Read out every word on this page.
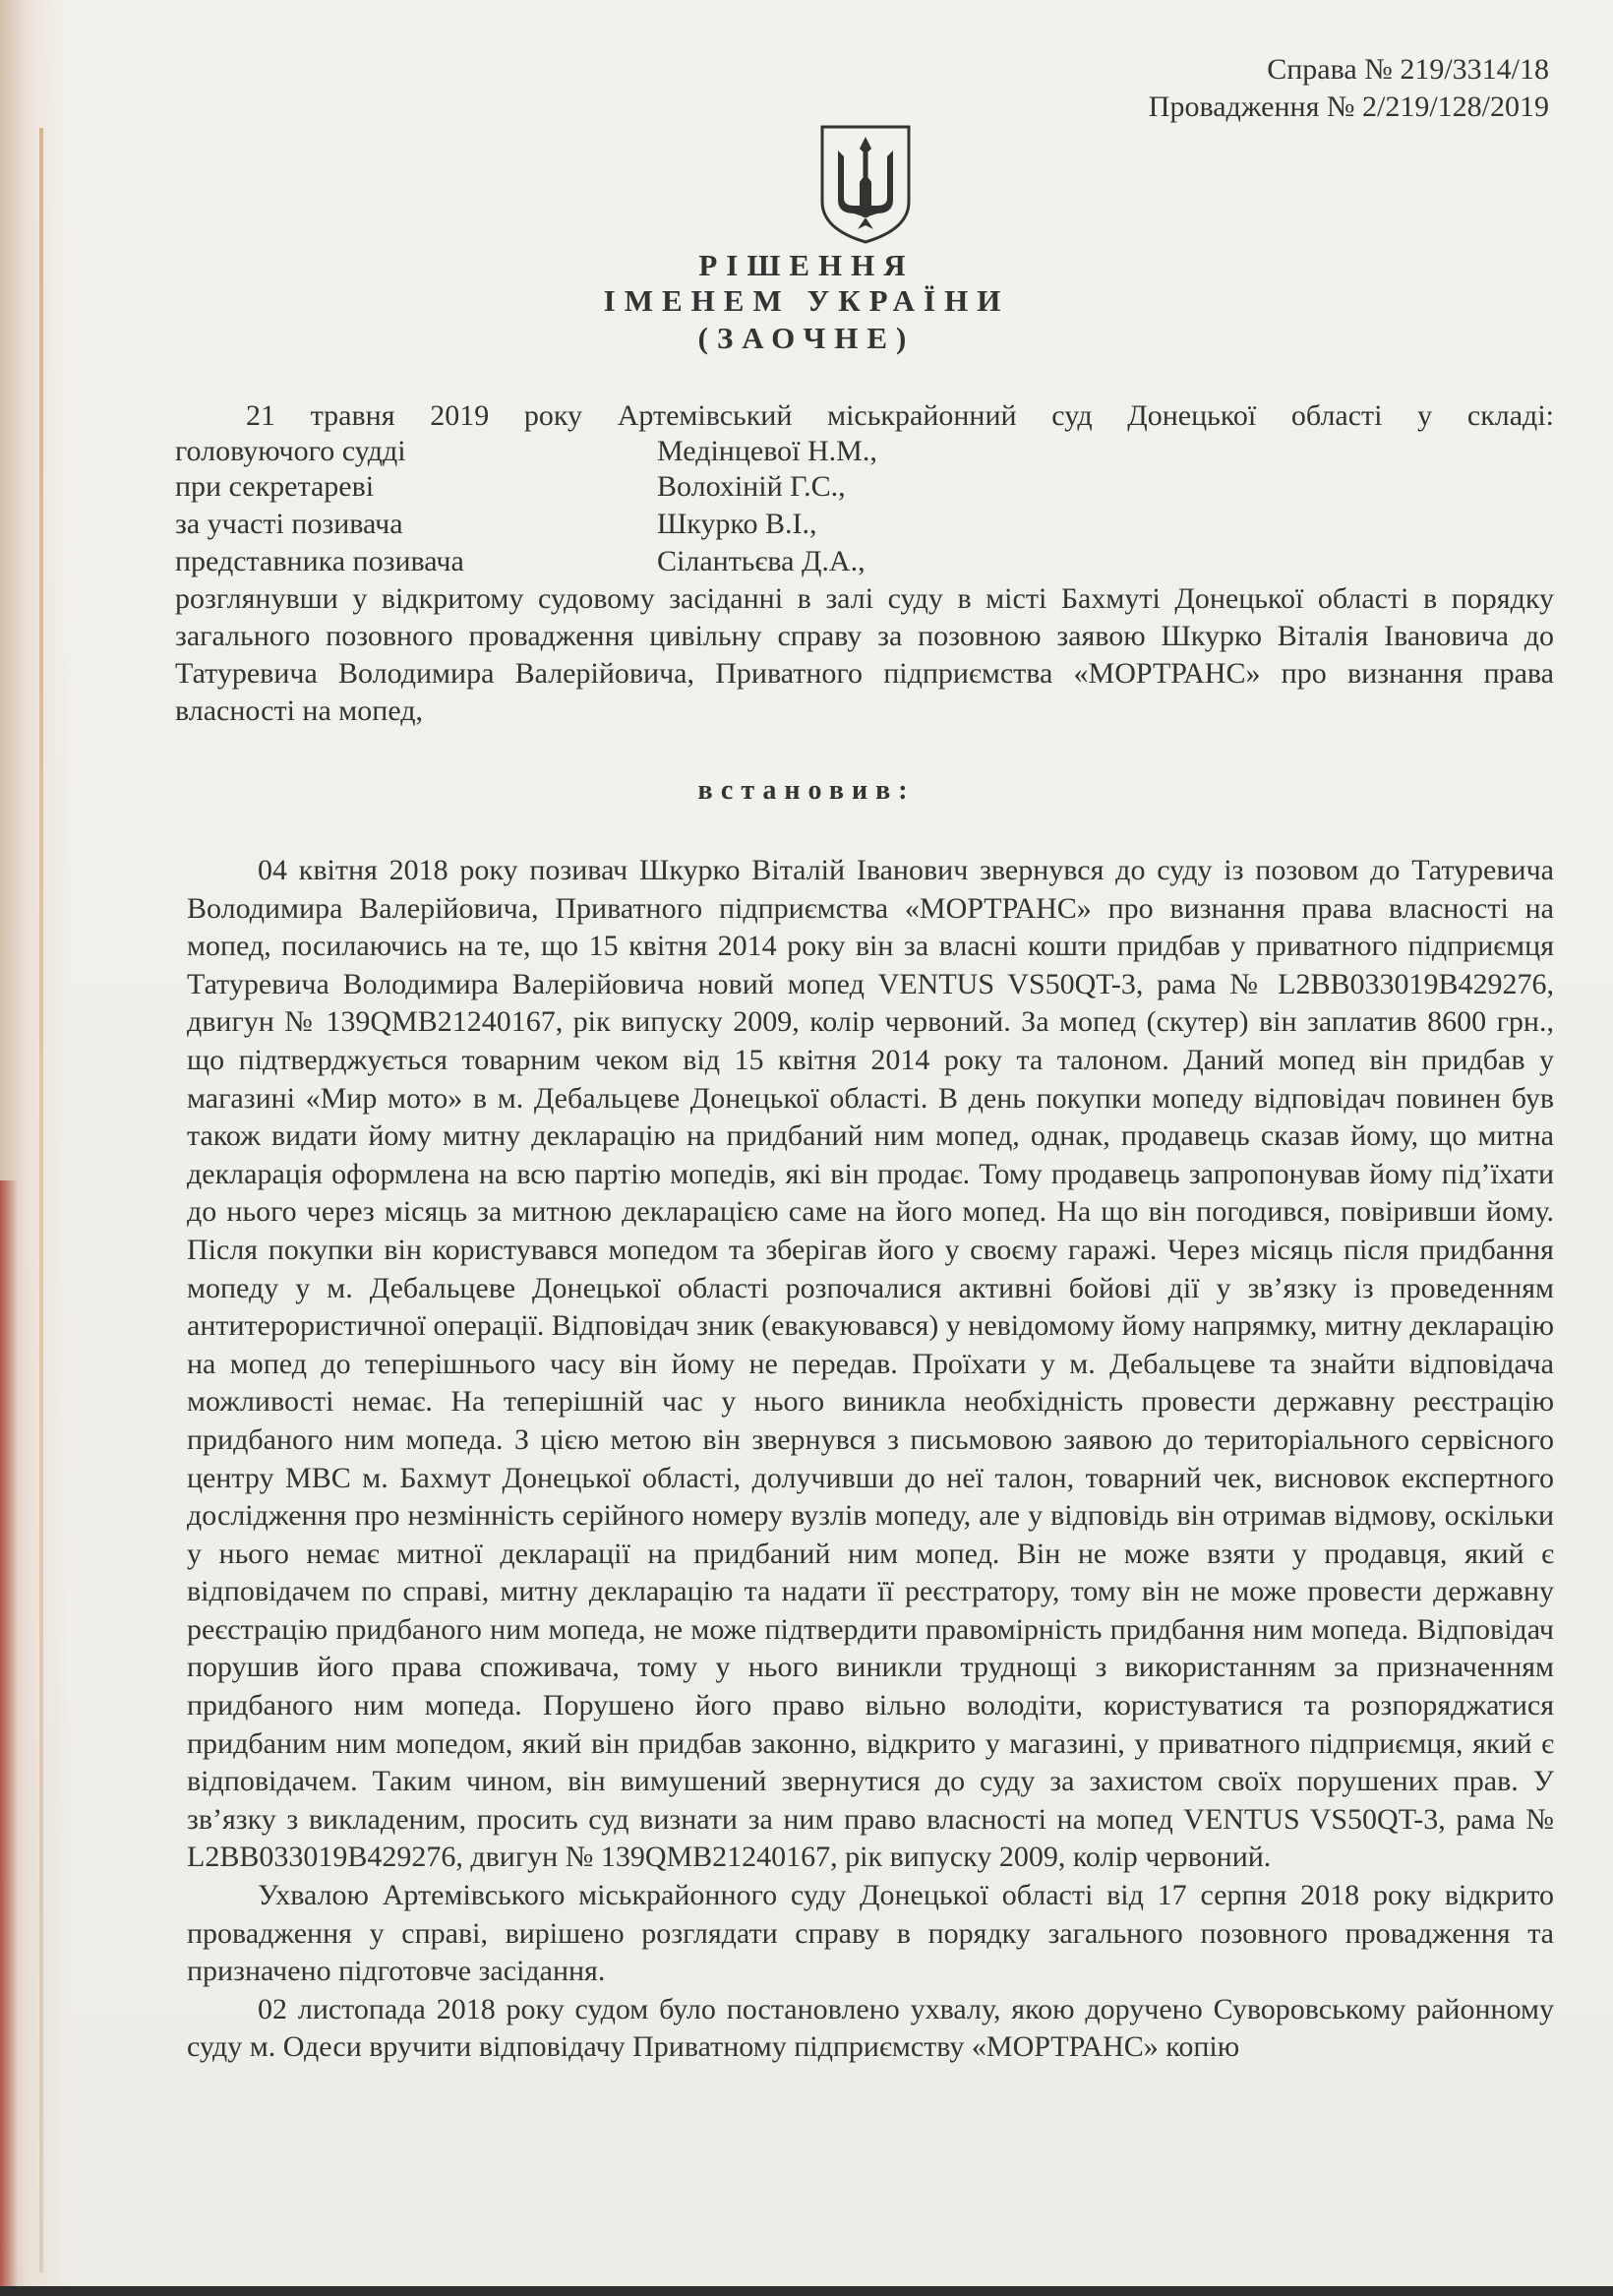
Справа № 219/3314/18
Провадження № 2/219/128/2019
РІШЕННЯ
ІМЕНЕМ УКРАЇНИ
(ЗАОЧНЕ)
21 травня 2019 року Артемівський міськрайонний суд Донецької області у складі:
головуючого судді	Медінцевої Н.М.,
при секретареві	Волохіній Г.С.,
за участі позивача	Шкурко В.І.,
представника позивача	Сілантьєва Д.А.,

розглянувши у відкритому судовому засіданні в залі суду в місті Бахмуті Донецької області в порядку загального позовного провадження цивільну справу за позовною заявою Шкурко Віталія Івановича до Татуревича Володимира Валерійовича, Приватного підприємства «МОРТРАНС» про визнання права власності на мопед,

встановив:

04 квітня 2018 року позивач Шкурко Віталій Іванович звернувся до суду із позовом до Татуревича Володимира Валерійовича, Приватного підприємства «МОРТРАНС» про визнання права власності на мопед, посилаючись на те, що 15 квітня 2014 року він за власні кошти придбав у приватного підприємця Татуревича Володимира Валерійовича новий мопед VENTUS VS50QT-3, рама № L2BB033019B429276, двигун № 139QMB21240167, рік випуску 2009, колір червоний. За мопед (скутер) він заплатив 8600 грн., що підтверджується товарним чеком від 15 квітня 2014 року та талоном. Даний мопед він придбав у магазині «Мир мото» в м. Дебальцеве Донецької області. В день покупки мопеду відповідач повинен був також видати йому митну декларацію на придбаний ним мопед, однак, продавець сказав йому, що митна декларація оформлена на всю партію мопедів, які він продає. Тому продавець запропонував йому під’їхати до нього через місяць за митною декларацією саме на його мопед. На що він погодився, повіривши йому. Після покупки він користувався мопедом та зберігав його у своєму гаражі. Через місяць після придбання мопеду у м. Дебальцеве Донецької області розпочалися активні бойові дії у зв’язку із проведенням антитерористичної операції. Відповідач зник (евакуювався) у невідомому йому напрямку, митну декларацію на мопед до теперішнього часу він йому не передав. Проїхати у м. Дебальцеве та знайти відповідача можливості немає. На теперішній час у нього виникла необхідність провести державну реєстрацію придбаного ним мопеда. З цією метою він звернувся з письмовою заявою до територіального сервісного центру МВС м. Бахмут Донецької області, долучивши до неї талон, товарний чек, висновок експертного дослідження про незмінність серійного номеру вузлів мопеду, але у відповідь він отримав відмову, оскільки у нього немає митної декларації на придбаний ним мопед. Він не може взяти у продавця, який є відповідачем по справі, митну декларацію та надати її реєстратору, тому він не може провести державну реєстрацію придбаного ним мопеда, не може підтвердити правомірність придбання ним мопеда. Відповідач порушив його права споживача, тому у нього виникли труднощі з використанням за призначенням придбаного ним мопеда. Порушено його право вільно володіти, користуватися та розпоряджатися придбаним ним мопедом, який він придбав законно, відкрито у магазині, у приватного підприємця, який є відповідачем. Таким чином, він вимушений звернутися до суду за захистом своїх порушених прав. У зв’язку з викладеним, просить суд визнати за ним право власності на мопед VENTUS VS50QT-3, рама № L2BB033019B429276, двигун № 139QMB21240167, рік випуску 2009, колір червоний.

Ухвалою Артемівського міськрайонного суду Донецької області від 17 серпня 2018 року відкрито провадження у справі, вирішено розглядати справу в порядку загального позовного провадження та призначено підготовче засідання.

02 листопада 2018 року судом було постановлено ухвалу, якою доручено Суворовському районному суду м. Одеси вручити відповідачу Приватному підприємству «МОРТРАНС» копію
